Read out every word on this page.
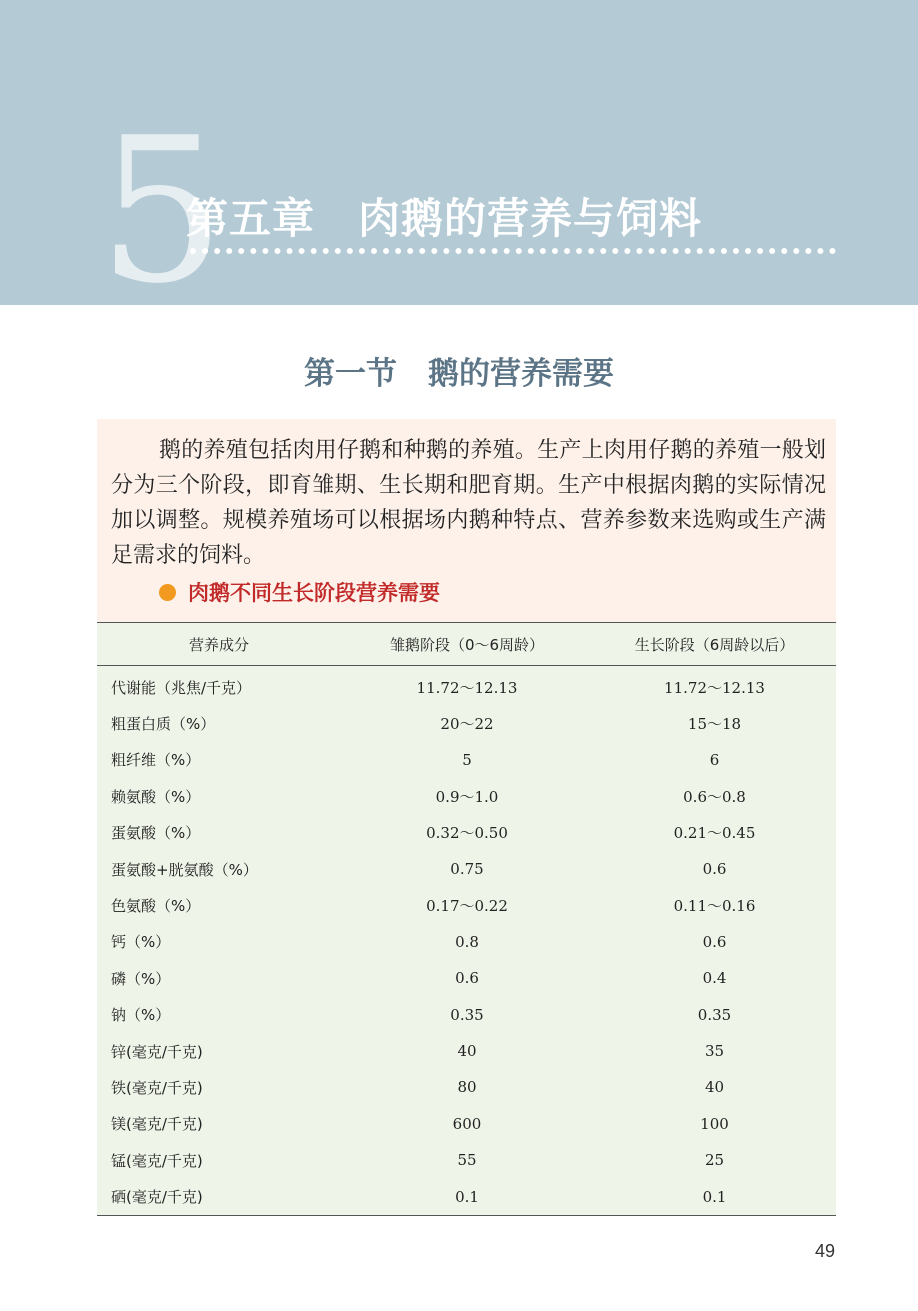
5
第五章　肉鹅的营养与饲料
第一节　鹅的营养需要

鹅的养殖包括肉用仔鹅和种鹅的养殖。生产上肉用仔鹅的养殖一般划分为三个阶段，即育雏期、生长期和肥育期。生产中根据肉鹅的实际情况加以调整。规模养殖场可以根据场内鹅种特点、营养参数来选购或生产满足需求的饲料。

肉鹅不同生长阶段营养需要
营养成分	雏鹅阶段（0～6周龄）	生长阶段（6周龄以后）
代谢能（兆焦/千克）	11.72～12.13	11.72～12.13
粗蛋白质（%）	20～22	15～18
粗纤维（%）	5	6
赖氨酸（%）	0.9～1.0	0.6～0.8
蛋氨酸（%）	0.32～0.50	0.21～0.45
蛋氨酸+胱氨酸（%）	0.75	0.6
色氨酸（%）	0.17～0.22	0.11～0.16
钙（%）	0.8	0.6
磷（%）	0.6	0.4
钠（%）	0.35	0.35
锌(毫克/千克)	40	35
铁(毫克/千克)	80	40
镁(毫克/千克)	600	100
锰(毫克/千克)	55	25
硒(毫克/千克)	0.1	0.1
49
